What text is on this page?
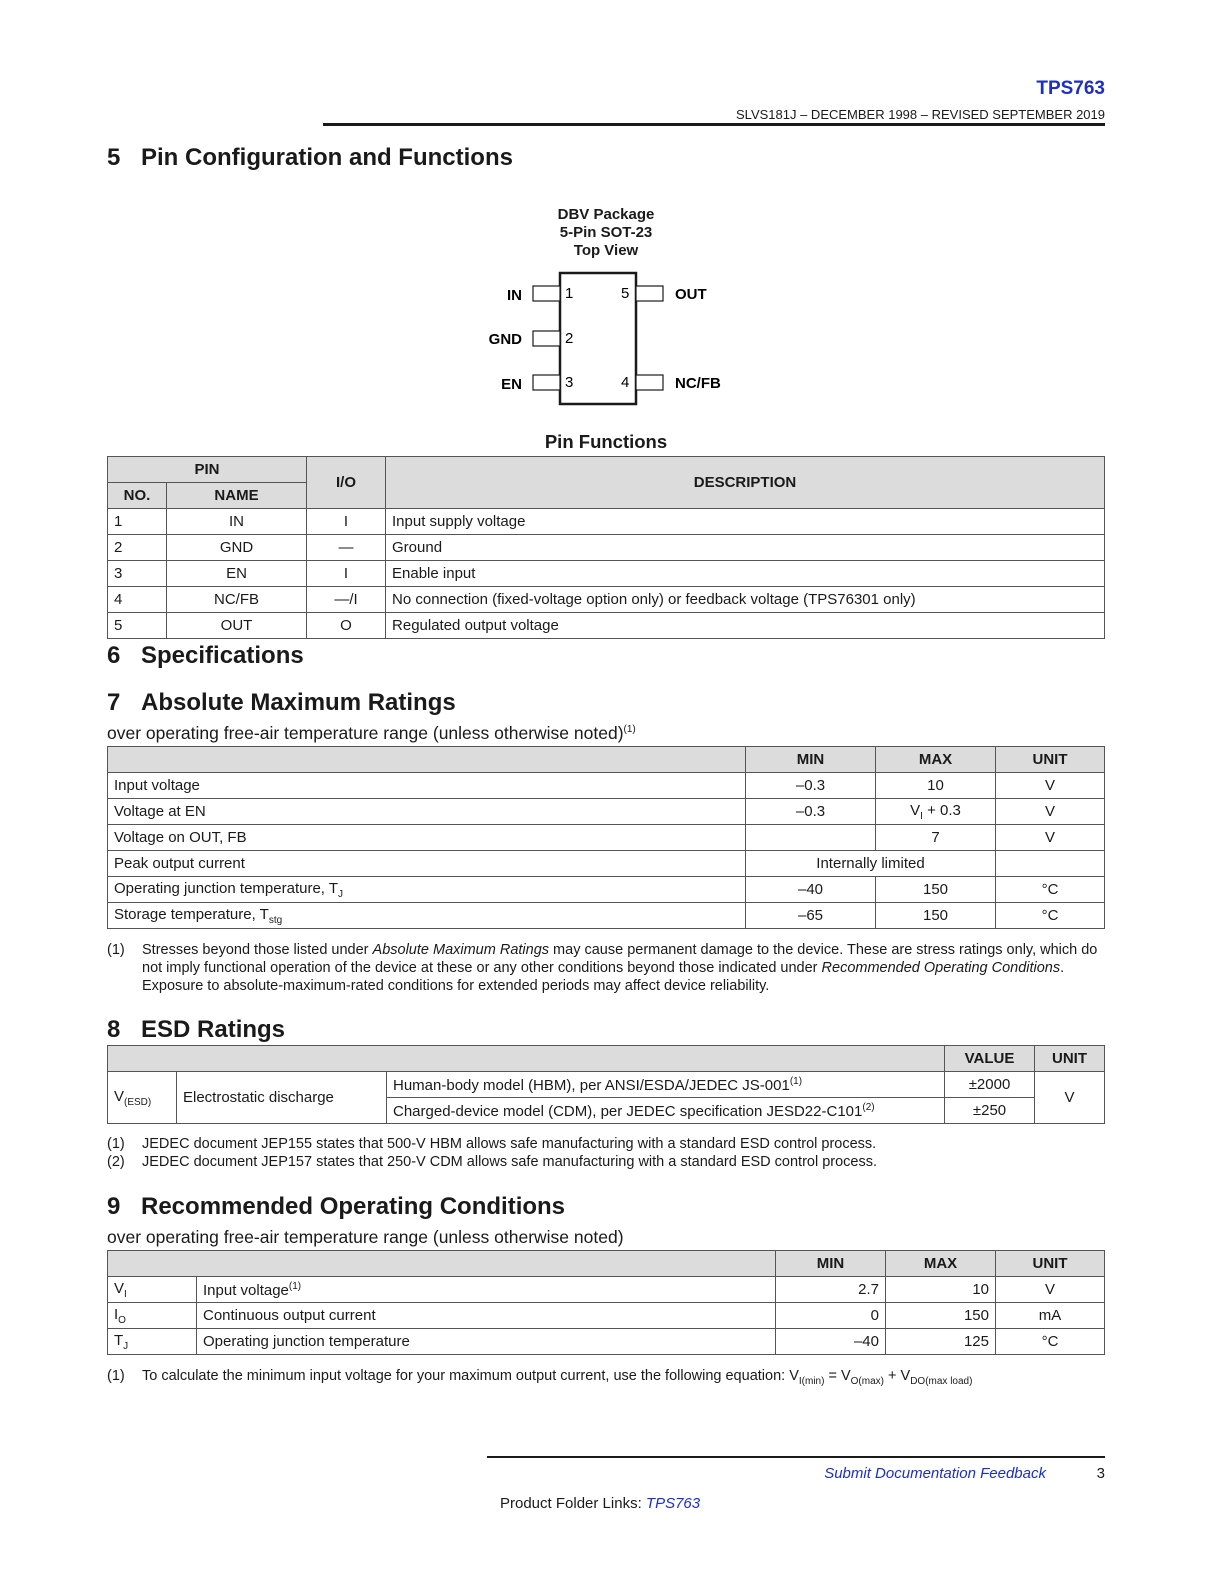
TPS763
SLVS181J – DECEMBER 1998 – REVISED SEPTEMBER 2019
5 Pin Configuration and Functions
DBV Package
5-Pin SOT-23
Top View
IN
GND
EN
OUT
NC/FB
1
2
3
5
4
Pin Functions
PIN		I/O	DESCRIPTION
NO.	NAME		
1	IN	I	Input supply voltage
2	GND	—	Ground
3	EN	I	Enable input
4	NC/FB	—/I	No connection (fixed-voltage option only) or feedback voltage (TPS76301 only)
5	OUT	O	Regulated output voltage
6 Specifications
7 Absolute Maximum Ratings
over operating free-air temperature range (unless otherwise noted)$^{(1)}$
	MIN	MAX	UNIT
Input voltage	–0.3	10	V
Voltage at EN	–0.3	$V_I + 0.3$	V
Voltage on OUT, FB		7	V
Peak output current	Internally limited		
Operating junction temperature, $T_J$	–40	150	°C
Storage temperature, $T_{stg}$	–65	150	°C
(1) Stresses beyond those listed under Absolute Maximum Ratings may cause permanent damage to the device. These are stress ratings only, which do not imply functional operation of the device at these or any other conditions beyond those indicated under Recommended Operating Conditions. Exposure to absolute-maximum-rated conditions for extended periods may affect device reliability.
8 ESD Ratings
			VALUE	UNIT
$V_{(ESD)}$	Electrostatic discharge	Human-body model (HBM), per ANSI/ESDA/JEDEC $JS-001^{(1)}$	±2000	V
		Charged-device model (CDM), per JEDEC specification $JESD22-C101^{(2)}$	±250	
(1) JEDEC document JEP155 states that 500-V HBM allows safe manufacturing with a standard ESD control process.
(2) JEDEC document JEP157 states that 250-V CDM allows safe manufacturing with a standard ESD control process.
9 Recommended Operating Conditions
over operating free-air temperature range (unless otherwise noted)
		MIN	MAX	UNIT
$V_I$	Input voltage$^{(1)}$	2.7	10	V
$I_O$	Continuous output current	0	150	mA
$T_J$	Operating junction temperature	–40	125	°C
(1) To calculate the minimum input voltage for your maximum output current, use the following equation: $V_{I(min)} = V_{O(max)} + V_{DO(max load)}$
Submit Documentation Feedback	3
Product Folder Links: TPS763
